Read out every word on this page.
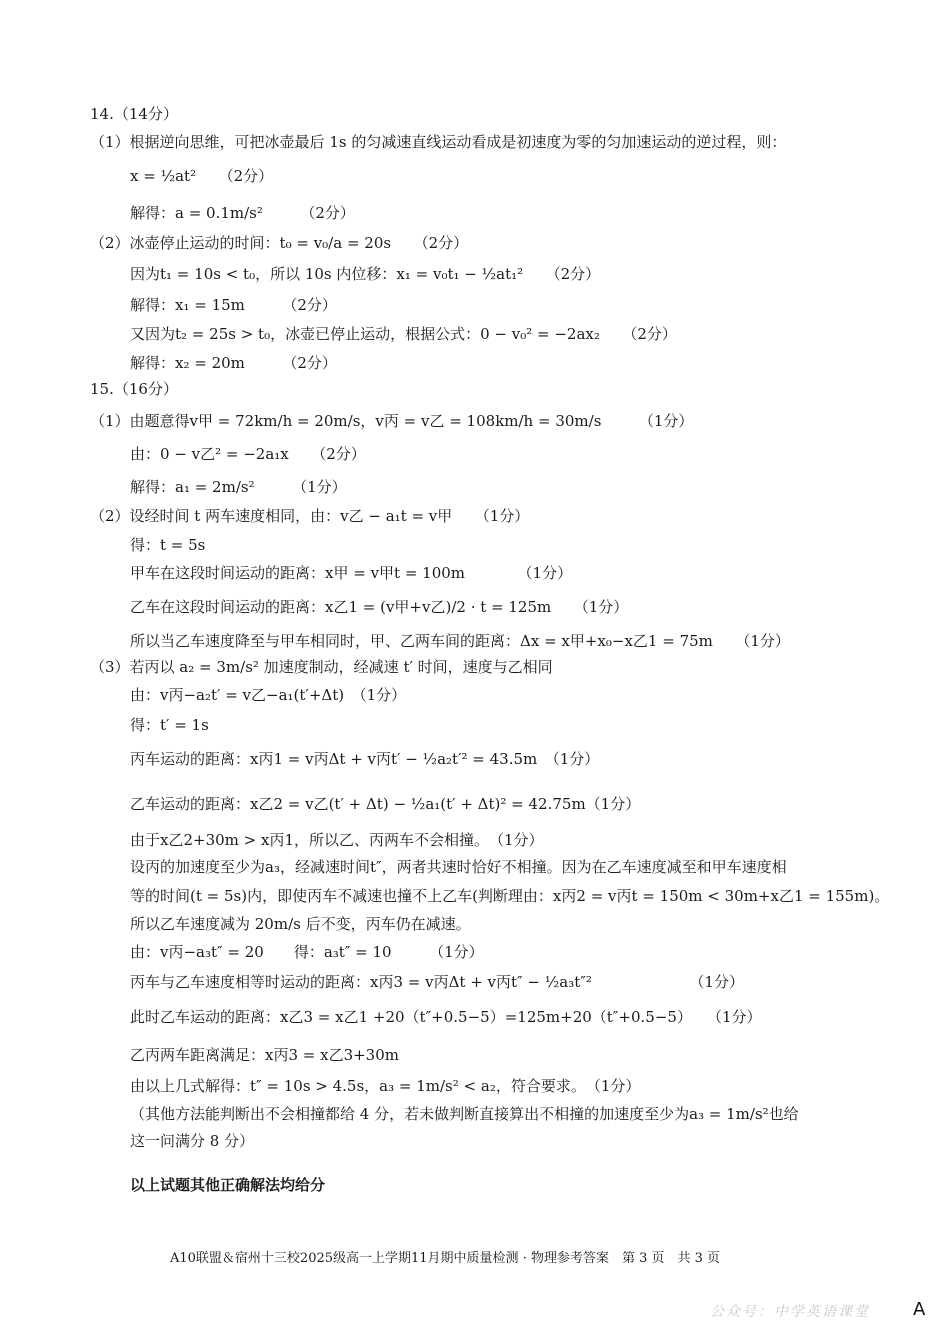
14.（14分）
（1）根据逆向思维，可把冰壶最后 1s 的匀减速直线运动看成是初速度为零的匀加速运动的逆过程，则：
x = ½at²　　（2分）
解得：a = 0.1m/s²　　　（2分）
（2）冰壶停止运动的时间：t₀ = v₀/a = 20s　　（2分）
因为t₁ = 10s < t₀，所以 10s 内位移：x₁ = v₀t₁ − ½at₁²　　（2分）
解得：x₁ = 15m　　　（2分）
又因为t₂ = 25s > t₀，冰壶已停止运动，根据公式：0 − v₀² = −2ax₂　　（2分）
解得：x₂ = 20m　　　（2分）
15.（16分）
（1）由题意得v甲 = 72km/h = 20m/s，v丙 = v乙 = 108km/h = 30m/s　　　（1分）
由：0 − v乙² = −2a₁x　　（2分）
解得：a₁ = 2m/s²　　　（1分）
（2）设经时间 t 两车速度相同，由：v乙 − a₁t = v甲　　（1分）
得：t = 5s
甲车在这段时间运动的距离：x甲 = v甲t = 100m　　　　（1分）
乙车在这段时间运动的距离：x乙1 = (v甲+v乙)/2 · t = 125m　　（1分）
所以当乙车速度降至与甲车相同时，甲、乙两车间的距离：Δx = x甲+x₀−x乙1 = 75m　　（1分）
（3）若丙以 a₂ = 3m/s² 加速度制动，经减速 t′ 时间，速度与乙相同
由：v丙−a₂t′ = v乙−a₁(t′+Δt)　（1分）
得：t′ = 1s
丙车运动的距离：x丙1 = v丙Δt + v丙t′ − ½a₂t′² = 43.5m　（1分）
乙车运动的距离：x乙2 = v乙(t′ + Δt) − ½a₁(t′ + Δt)² = 42.75m（1分）
由于x乙2+30m > x丙1，所以乙、丙两车不会相撞。　（1分）
设丙的加速度至少为a₃，经减速时间t″，两者共速时恰好不相撞。因为在乙车速度减至和甲车速度相
等的时间(t = 5s)内，即使丙车不减速也撞不上乙车(判断理由：x丙2 = v丙t = 150m < 30m+x乙1 = 155m)。
所以乙车速度减为 20m/s 后不变，丙车仍在减速。
由：v丙−a₃t″ = 20　　得：a₃t″ = 10　　　（1分）
丙车与乙车速度相等时运动的距离：x丙3 = v丙Δt + v丙t″ − ½a₃t″²　　　　　　　（1分）
此时乙车运动的距离：x乙3 = x乙1 +20（t″+0.5−5）=125m+20（t″+0.5−5）　　（1分）
乙丙两车距离满足：x丙3 = x乙3+30m
由以上几式解得：t″ = 10s > 4.5s，a₃ = 1m/s² < a₂，符合要求。　（1分）
（其他方法能判断出不会相撞都给 4 分，若未做判断直接算出不相撞的加速度至少为a₃ = 1m/s²也给
这一问满分 8 分）
以上试题其他正确解法均给分
A10联盟＆宿州十三校2025级高一上学期11月期中质量检测 · 物理参考答案　第 3 页　共 3 页
公众号：中学英语课堂 A
